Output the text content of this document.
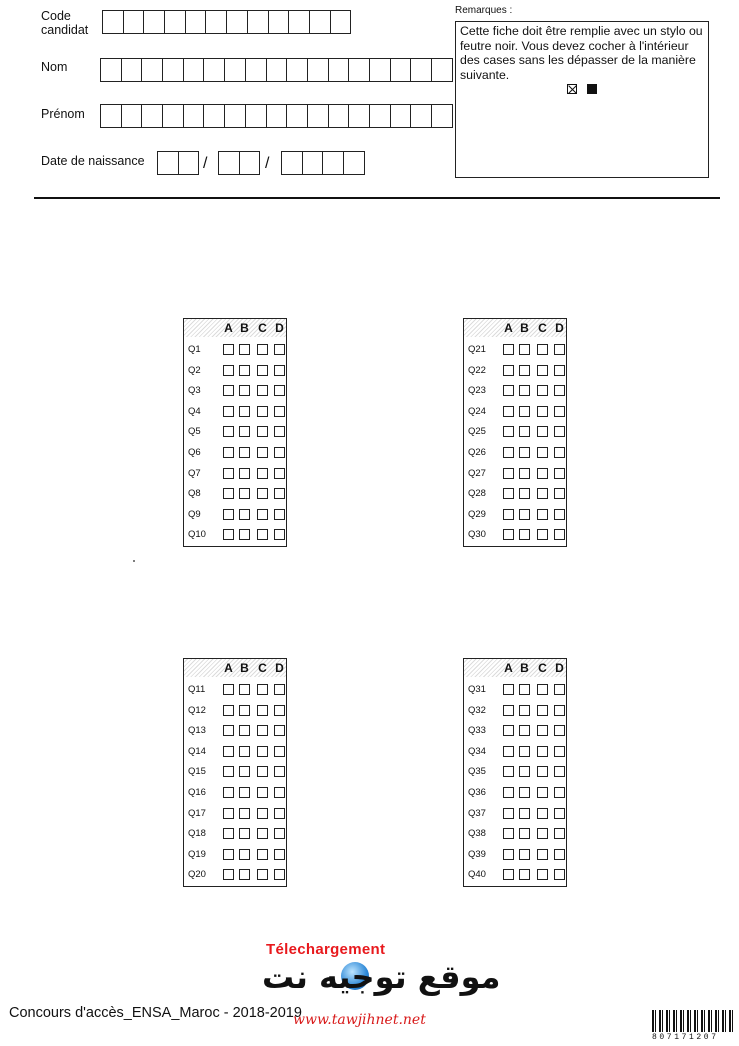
Code
candidat
Nom
Prénom
Date de naissance	/	/
Remarques :
Cette fiche doit être remplie avec un stylo ou feutre noir. Vous devez cocher à l'intérieur des cases sans les dépasser de la manière suivante.
A B C D
Q1
Q2
Q3
Q4
Q5
Q6
Q7
Q8
Q9
Q10
A B C D
Q21
Q22
Q23
Q24
Q25
Q26
Q27
Q28
Q29
Q30
A B C D
Q11
Q12
Q13
Q14
Q15
Q16
Q17
Q18
Q19
Q20
A B C D
Q31
Q32
Q33
Q34
Q35
Q36
Q37
Q38
Q39
Q40
Concours d'accès_ENSA_Maroc - 2018-2019
Télechargement
موقع توجيه نت
www.tawjihnet.net
807171207
